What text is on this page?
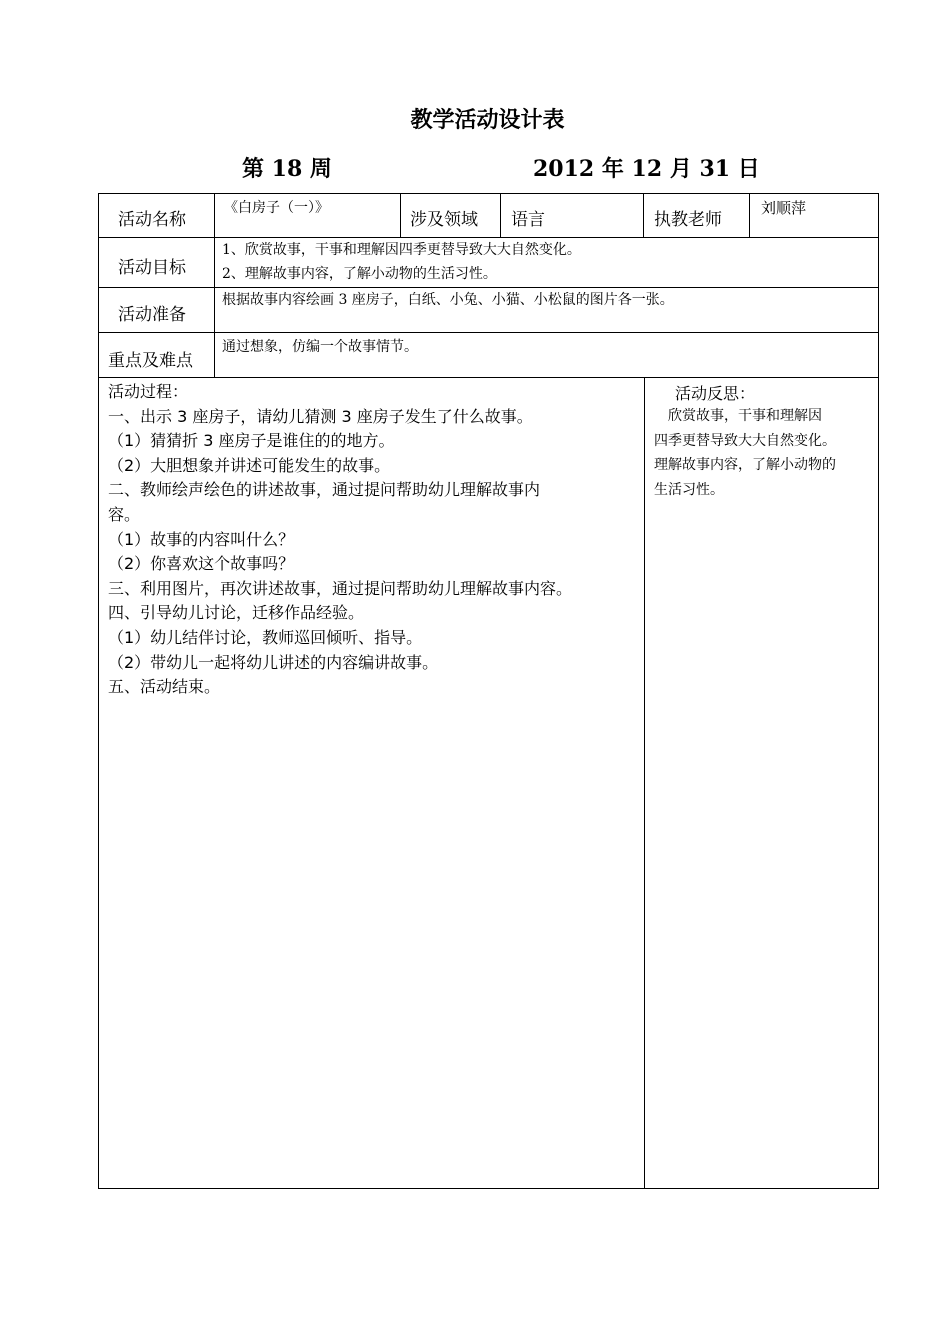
教学活动设计表
第 18 周	2012 年 12 月 31 日
活动名称
《白房子（一）》
涉及领域 语言	执教老师
刘顺萍
活动目标
1、欣赏故事，干事和理解因四季更替导致大大自然变化。
2、理解故事内容，了解小动物的生活习性。
活动准备
根据故事内容绘画 3 座房子，白纸、小兔、小猫、小松鼠的图片各一张。
重点及难点
通过想象，仿编一个故事情节。
活动过程：
一、出示 3 座房子，请幼儿猜测 3 座房子发生了什么故事。
（1）猜猜折 3 座房子是谁住的的地方。
（2）大胆想象并讲述可能发生的故事。
二、教师绘声绘色的讲述故事，通过提问帮助幼儿理解故事内
容。
（1）故事的内容叫什么？
（2）你喜欢这个故事吗？
三、利用图片，再次讲述故事，通过提问帮助幼儿理解故事内容。
四、引导幼儿讨论，迁移作品经验。
（1）幼儿结伴讨论，教师巡回倾听、指导。
（2）带幼儿一起将幼儿讲述的内容编讲故事。
五、活动结束。
活动反思：
　欣赏故事，干事和理解因
四季更替导致大大自然变化。
理解故事内容，了解小动物的
生活习性。
